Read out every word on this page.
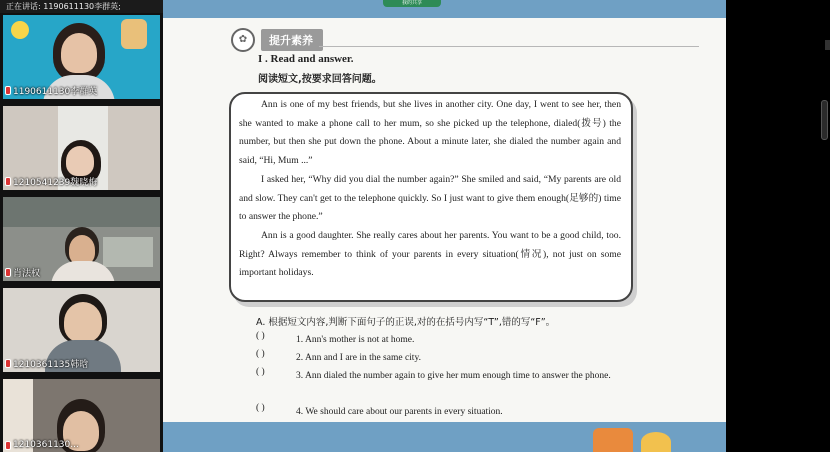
正在讲话: 1190611130李群英;
1190611130李群英
1210541239魏晓梅
肖法权
1210361135韩晗
1210361130...
✿	提升素养
I . Read and answer.
阅读短文,按要求回答问题。

Ann is one of my best friends, but she lives in another city. One day, I went to see her, then she wanted to make a phone call to her mum, so she picked up the telephone, dialed(拨号) the number, but then she put down the phone. About a minute later, she dialed the number again and said, “Hi, Mum ...”

I asked her, “Why did you dial the number again?” She smiled and said, “My parents are old and slow. They can't get to the telephone quickly. So I just want to give them enough(足够的) time to answer the phone.”

Ann is a good daughter. She really cares about her parents. You want to be a good child, too. Right? Always remember to think of your parents in every situation(情况), not just on some important holidays.

A. 根据短文内容,判断下面句子的正误,对的在括号内写“T”,错的写“F”。
( )	1. Ann's mother is not at home.
( )	2. Ann and I are in the same city.
( )	3. Ann dialed the number again to give her mum enough time to answer the phone.
( )	4. We should care about our parents in every situation.
我的共享
